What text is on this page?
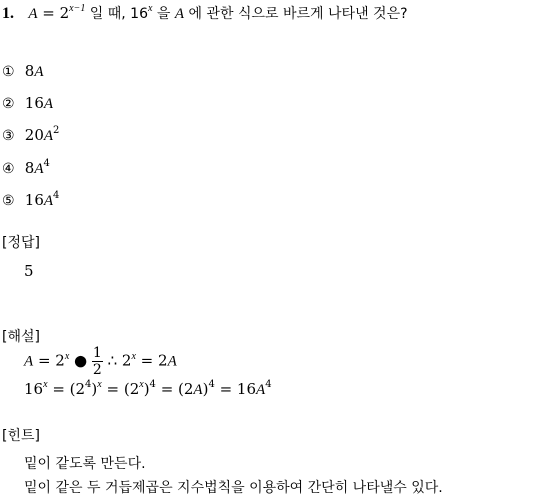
1. $A = 2^{x-1}$ 일 때, 16$^x$ 을 A 에 관한 식으로 바르게 나타낸 것은?
① 8A
② 16A
③ $20A^2$
④ $8A^4$
⑤ $16A^4$
[정답]
5
[해설]
$A = 2^x$ ● $\frac{1}{2}$ ∴ $2^x = 2A$
$16^x = (2^4)^x = (2^x)^4 = (2A)^4 = 16A^4$
[힌트]
밑이 같도록 만든다.
밑이 같은 두 거듭제곱은 지수법칙을 이용하여 간단히 나타낼수 있다.
